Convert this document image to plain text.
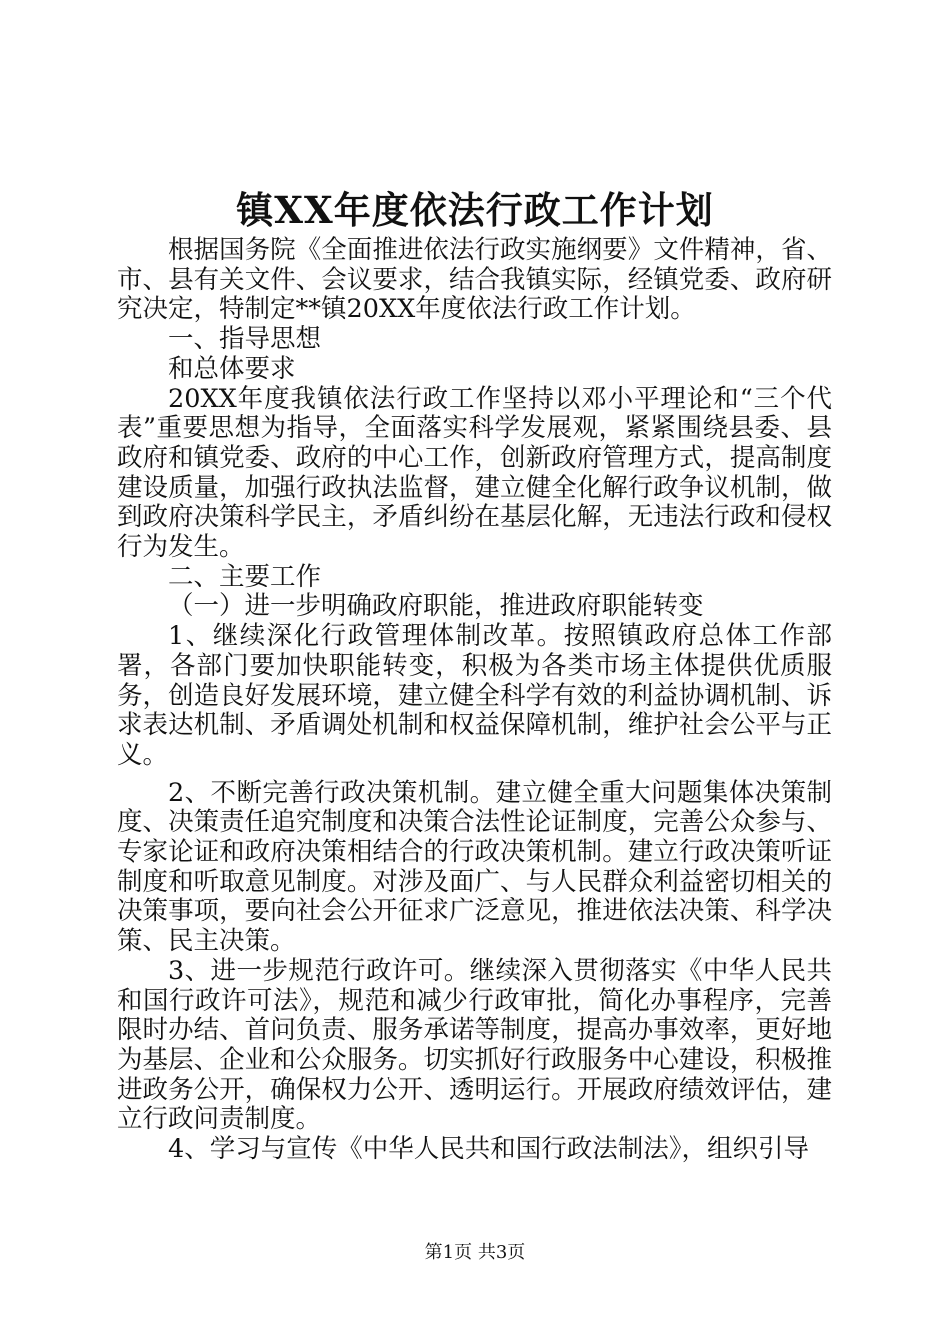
镇XX年度依法行政工作计划

根据国务院《全面推进依法行政实施纲要》文件精神，省、市、县有关文件、会议要求，结合我镇实际，经镇党委、政府研究决定，特制定**镇20XX年度依法行政工作计划。

一、指导思想

和总体要求

20XX年度我镇依法行政工作坚持以邓小平理论和“三个代表”重要思想为指导，全面落实科学发展观，紧紧围绕县委、县政府和镇党委、政府的中心工作，创新政府管理方式，提高制度建设质量，加强行政执法监督，建立健全化解行政争议机制，做到政府决策科学民主，矛盾纠纷在基层化解，无违法行政和侵权行为发生。

二、主要工作

（一）进一步明确政府职能，推进政府职能转变

1、继续深化行政管理体制改革。按照镇政府总体工作部署，各部门要加快职能转变，积极为各类市场主体提供优质服务，创造良好发展环境，建立健全科学有效的利益协调机制、诉求表达机制、矛盾调处机制和权益保障机制，维护社会公平与正义。

2、不断完善行政决策机制。建立健全重大问题集体决策制度、决策责任追究制度和决策合法性论证制度，完善公众参与、专家论证和政府决策相结合的行政决策机制。建立行政决策听证制度和听取意见制度。对涉及面广、与人民群众利益密切相关的决策事项，要向社会公开征求广泛意见，推进依法决策、科学决策、民主决策。

3、进一步规范行政许可。继续深入贯彻落实《中华人民共和国行政许可法》，规范和减少行政审批，简化办事程序，完善限时办结、首问负责、服务承诺等制度，提高办事效率，更好地为基层、企业和公众服务。切实抓好行政服务中心建设，积极推进政务公开，确保权力公开、透明运行。开展政府绩效评估，建立行政问责制度。

4、学习与宣传《中华人民共和国行政法制法》，组织引导

第1页 共3页
